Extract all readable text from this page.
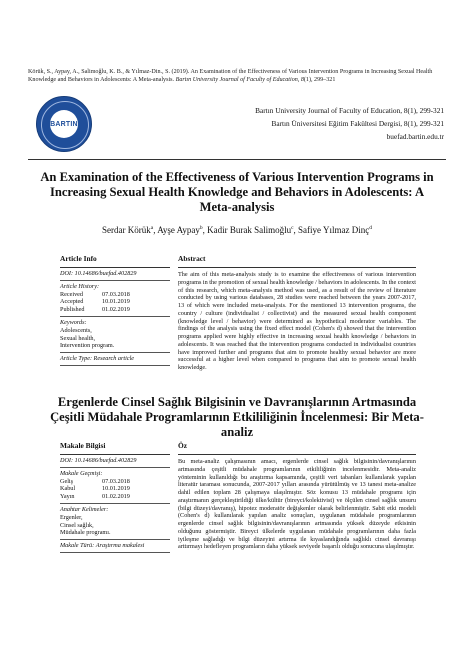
Körük, S., Aypay, A., Salimoğlu, K. B., & Yılmaz-Din., S. (2019). An Examination of the Effectiveness of Various Intervention Programs in Increasing Sexual Health Knowledge and Behaviors in Adolescents: A Meta-analysis. Bartın University Journal of Faculty of Education, 8(1), 299–321
BARTIN
Bartın University Journal of Faculty of Education, 8(1), 299-321
Bartın Üniversitesi Eğitim Fakültesi Dergisi, 8(1), 299-321
buefad.bartin.edu.tr
An Examination of the Effectiveness of Various Intervention Programs in Increasing Sexual Health Knowledge and Behaviors in Adolescents: A Meta-analysis
Serdar Körük$^a$, Ayşe Aypay$^b$, Kadir Burak Salimoğlu$^c$, Safiye Yılmaz Dinç$^d$
Article Info
DOI: 10.14686/buefad.402829
Article History:
Received	07.03.2018
Accepted	10.01.2019
Published	01.02.2019
Keywords:
Adolescents,
Sexual health,
Intervention program.
Article Type: Research article
Abstract
The aim of this meta-analysis study is to examine the effectiveness of various intervention programs in the promotion of sexual health knowledge / behaviors in adolescents. In the context of this research, which meta-analysis method was used, as a result of the review of literature conducted by using various databases, 28 studies were reached between the years 2007-2017, 13 of which were included meta-analysis. For the mentioned 13 intervention programs, the country / culture (individualist / collectivist) and the measured sexual health component (knowledge level / behavior) were determined as hypothetical moderator variables. The findings of the analysis using the fixed effect model (Cohen's d) showed that the intervention programs applied were highly effective in increasing sexual health knowledge / behaviors in adolescents. It was reached that the intervention programs conducted in individualist countries have improved further and programs that aim to promote healthy sexual behavior are more successful at a higher level when compared to programs that aim to promote sexual health knowledge.
Ergenlerde Cinsel Sağlık Bilgisinin ve Davranışlarının Artmasında Çeşitli Müdahale Programlarının Etkililiğinin İncelenmesi: Bir Meta-analiz
Makale Bilgisi
DOI: 10.14686/buefad.402829
Makale Geçmişi:
Geliş	07.03.2018
Kabul	10.01.2019
Yayın	01.02.2019
Anahtar Kelimeler:
Ergenler,
Cinsel sağlık,
Müdahale programı.
Makale Türü: Araştırma makalesi
Öz
Bu meta-analiz çalışmasının amacı, ergenlerde cinsel sağlık bilgisinin/davranışlarının artmasında çeşitli müdahale programlarının etkililiğinin incelenmesidir. Meta-analiz yönteminin kullanıldığı bu araştırma kapsamında, çeşitli veri tabanları kullanılarak yapılan literatür taraması sonucunda, 2007-2017 yılları arasında yürütülmüş ve 13 tanesi meta-analize dahil edilen toplam 28 çalışmaya ulaşılmıştır. Söz konusu 13 müdahale programı için araştırmanın gerçekleştirildiği ülke/kültür (bireyci/kolektivist) ve ölçülen cinsel sağlık unsuru (bilgi düzeyi/davranış), hipotez moderatör değişkenler olarak belirlenmiştir. Sabit etki modeli (Cohen's d) kullanılarak yapılan analiz sonuçları, uygulanan müdahale programlarının ergenlerde cinsel sağlık bilgisinin/davranışlarının artmasında yüksek düzeyde etkisinin olduğunu göstermiştir. Bireyci ülkelerde uygulanan müdahale programlarının daha fazla iyileşme sağladığı ve bilgi düzeyini artırma ile kıyaslandığında sağlıklı cinsel davranışı arttırmayı hedefleyen programların daha yüksek seviyede başarılı olduğu sonucuna ulaşılmıştır.
